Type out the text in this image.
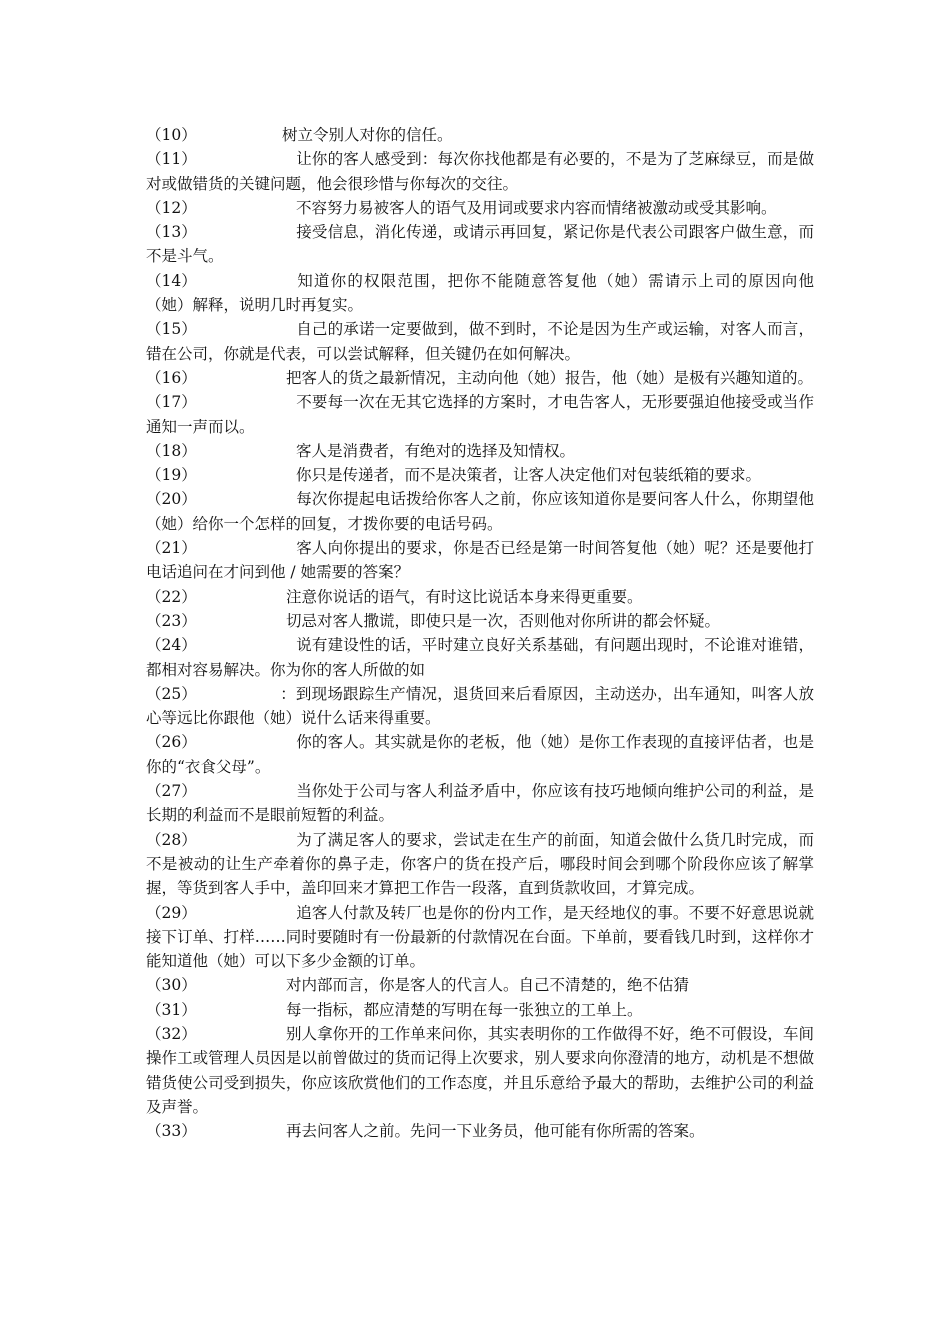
（10）	树立令别人对你的信任。

（11）	让你的客人感受到：每次你找他都是有必要的，不是为了芝麻绿豆，而是做对或做错货的关键问题，他会很珍惜与你每次的交往。

（12）	不容努力易被客人的语气及用词或要求内容而情绪被激动或受其影响。

（13）	接受信息，消化传递，或请示再回复，紧记你是代表公司跟客户做生意，而不是斗气。

（14）	知道你的权限范围，把你不能随意答复他（她）需请示上司的原因向他（她）解释，说明几时再复实。

（15）	自己的承诺一定要做到，做不到时，不论是因为生产或运输，对客人而言，错在公司，你就是代表，可以尝试解释，但关键仍在如何解决。

（16）	把客人的货之最新情况，主动向他（她）报告，他（她）是极有兴趣知道的。

（17）	不要每一次在无其它选择的方案时，才电告客人，无形要强迫他接受或当作通知一声而以。

（18）	客人是消费者，有绝对的选择及知情权。

（19）	你只是传递者，而不是决策者，让客人决定他们对包装纸箱的要求。

（20）	每次你提起电话拨给你客人之前，你应该知道你是要问客人什么，你期望他（她）给你一个怎样的回复，才拨你要的电话号码。

（21）	客人向你提出的要求，你是否已经是第一时间答复他（她）呢？还是要他打电话追问在才问到他 / 她需要的答案？

（22）	注意你说话的语气，有时这比说话本身来得更重要。

（23）	切忌对客人撒谎，即使只是一次，否则他对你所讲的都会怀疑。

（24）	说有建设性的话，平时建立良好关系基础，有问题出现时，不论谁对谁错，都相对容易解决。你为你的客人所做的如

（25）	：到现场跟踪生产情况，退货回来后看原因，主动送办，出车通知，叫客人放心等远比你跟他（她）说什么话来得重要。

（26）	你的客人。其实就是你的老板，他（她）是你工作表现的直接评估者，也是你的“衣食父母”。

（27）	当你处于公司与客人利益矛盾中，你应该有技巧地倾向维护公司的利益，是长期的利益而不是眼前短暂的利益。

（28）	为了满足客人的要求，尝试走在生产的前面，知道会做什么货几时完成，而不是被动的让生产牵着你的鼻子走，你客户的货在投产后，哪段时间会到哪个阶段你应该了解掌握，等货到客人手中，盖印回来才算把工作告一段落，直到货款收回，才算完成。

（29）	追客人付款及转厂也是你的份内工作，是天经地仪的事。不要不好意思说就接下订单、打样……同时要随时有一份最新的付款情况在台面。下单前，要看钱几时到，这样你才能知道他（她）可以下多少金额的订单。

（30）	对内部而言，你是客人的代言人。自己不清楚的，绝不估猜

（31）	每一指标，都应清楚的写明在每一张独立的工单上。

（32）	别人拿你开的工作单来问你，其实表明你的工作做得不好，绝不可假设，车间操作工或管理人员因是以前曾做过的货而记得上次要求，别人要求向你澄清的地方，动机是不想做错货使公司受到损失，你应该欣赏他们的工作态度，并且乐意给予最大的帮助，去维护公司的利益及声誉。

（33）	再去问客人之前。先问一下业务员，他可能有你所需的答案。
